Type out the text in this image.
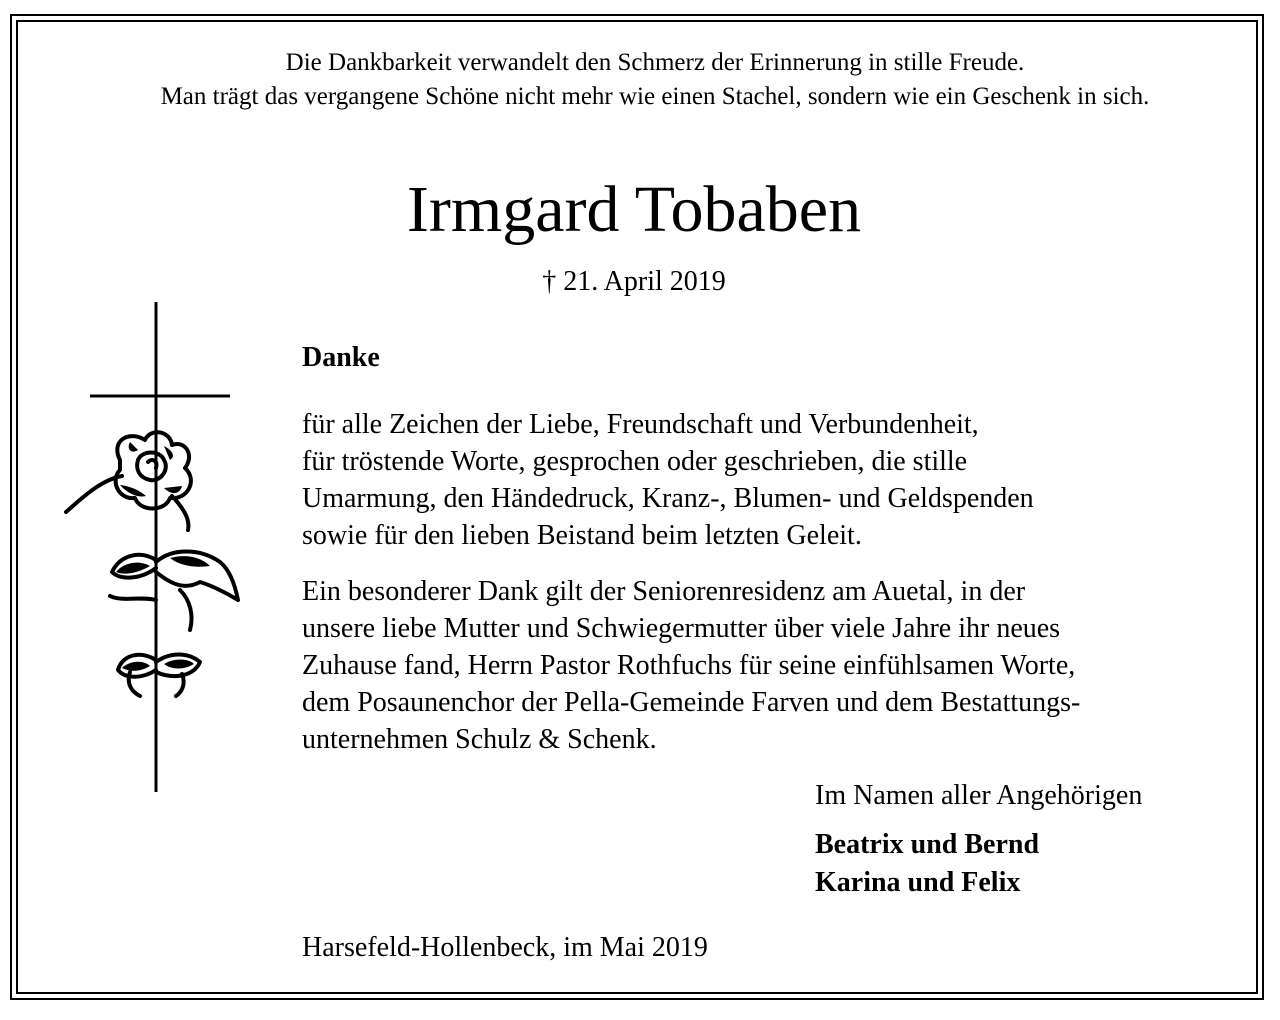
Die Dankbarkeit verwandelt den Schmerz der Erinnerung in stille Freude.
Man trägt das vergangene Schöne nicht mehr wie einen Stachel, sondern wie ein Geschenk in sich.
Irmgard Tobaben
† 21. April 2019
Danke
für alle Zeichen der Liebe, Freundschaft und Verbundenheit,
für tröstende Worte, gesprochen oder geschrieben, die stille
Umarmung, den Händedruck, Kranz-, Blumen- und Geldspenden
sowie für den lieben Beistand beim letzten Geleit.
Ein besonderer Dank gilt der Seniorenresidenz am Auetal, in der
unsere liebe Mutter und Schwiegermutter über viele Jahre ihr neues
Zuhause fand, Herrn Pastor Rothfuchs für seine einfühlsamen Worte,
dem Posaunenchor der Pella-Gemeinde Farven und dem Bestattungs-
unternehmen Schulz & Schenk.
Im Namen aller Angehörigen
Beatrix und Bernd
Karina und Felix
Harsefeld-Hollenbeck, im Mai 2019
